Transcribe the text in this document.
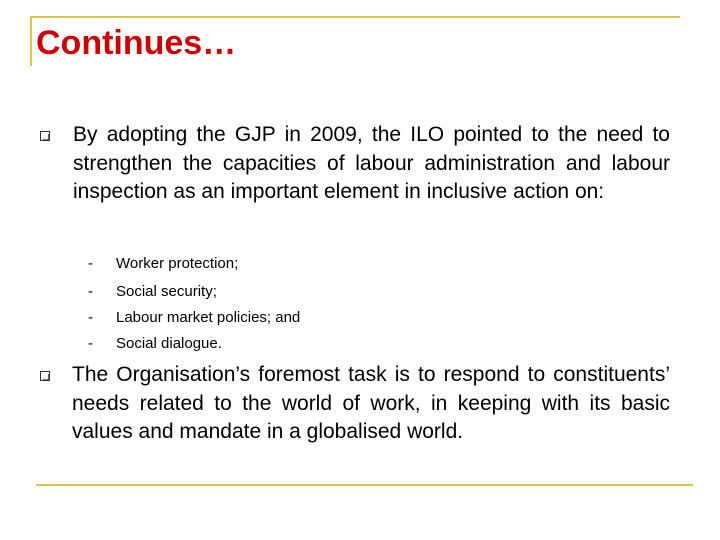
Continues…
By adopting the GJP in 2009, the ILO pointed to the need to strengthen the capacities of labour administration and labour inspection as an important element in inclusive action on:
- Worker protection;
- Social security;
- Labour market policies; and
- Social dialogue.
The Organisation’s foremost task is to respond to constituents’ needs related to the world of work, in keeping with its basic values and mandate in a globalised world.
